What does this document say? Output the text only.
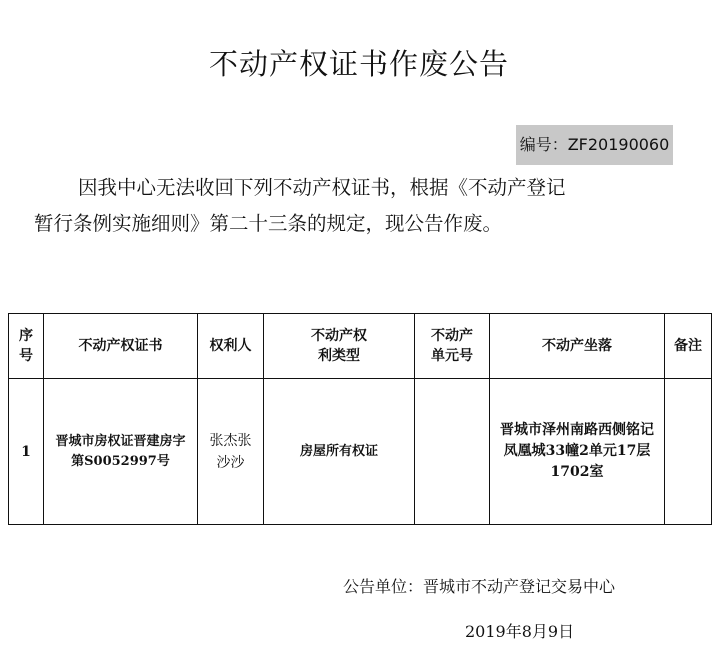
不动产权证书作废公告
编号：ZF20190060
因我中心无法收回下列不动产权证书，根据《不动产登记
暂行条例实施细则》第二十三条的规定，现公告作废。
序号	不动产权证书	权利人	不动产权利类型	不动产单元号	不动产坐落	备注
1	晋城市房权证晋建房字第S0052997号	张杰张沙沙	房屋所有权证		晋城市泽州南路西侧铭记凤凰城33幢2单元17层1702室	
公告单位：晋城市不动产登记交易中心
2019年8月9日
